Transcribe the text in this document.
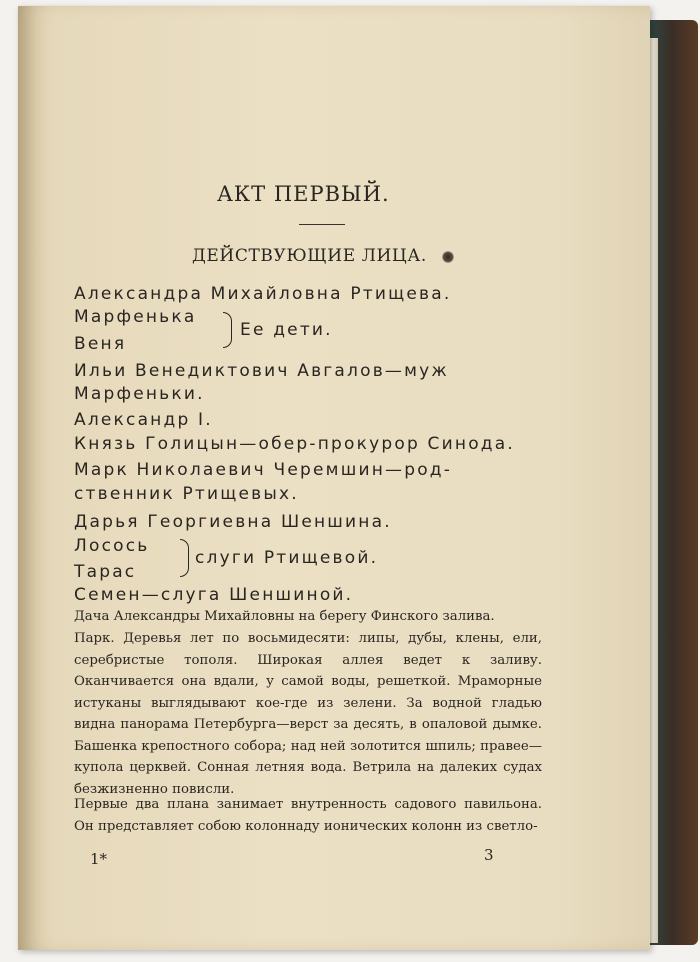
АКТ ПЕРВЫЙ.
ДЕЙСТВУЮЩИЕ ЛИЦА.
Александра Михайловна Ртищева.
Марфенька
Веня
Ее дети.
Ильи Венедиктович Авгалов—муж
Марфеньки.
Александр I.
Князь Голицын—обер-прокурор Синода.
Марк Николаевич Черемшин—род-
ственник Ртищевых.
Дарья Георгиевна Шеншина.
Лосось
Тарас
слуги Ртищевой.
Семен—слуга Шеншиной.
Дача Александры Михайловны на берегу Финского залива.
Парк. Деревья лет по восьмидесяти: липы, дубы, клены, ели, серебристые тополя. Широкая аллея ведет к заливу. Оканчивается она вдали, у самой воды, решеткой. Мраморные истуканы выглядывают кое-где из зелени. За водной гладью видна панорама Петербурга—верст за десять, в опаловой дымке. Башенка крепостного собора; над ней золотится шпиль; правее—купола церквей. Сонная летняя вода. Ветрила на далеких судах безжизненно повисли.
Первые два плана занимает внутренность садового павильона. Он представляет собою колоннаду ионических колонн из светло-
1*	3
